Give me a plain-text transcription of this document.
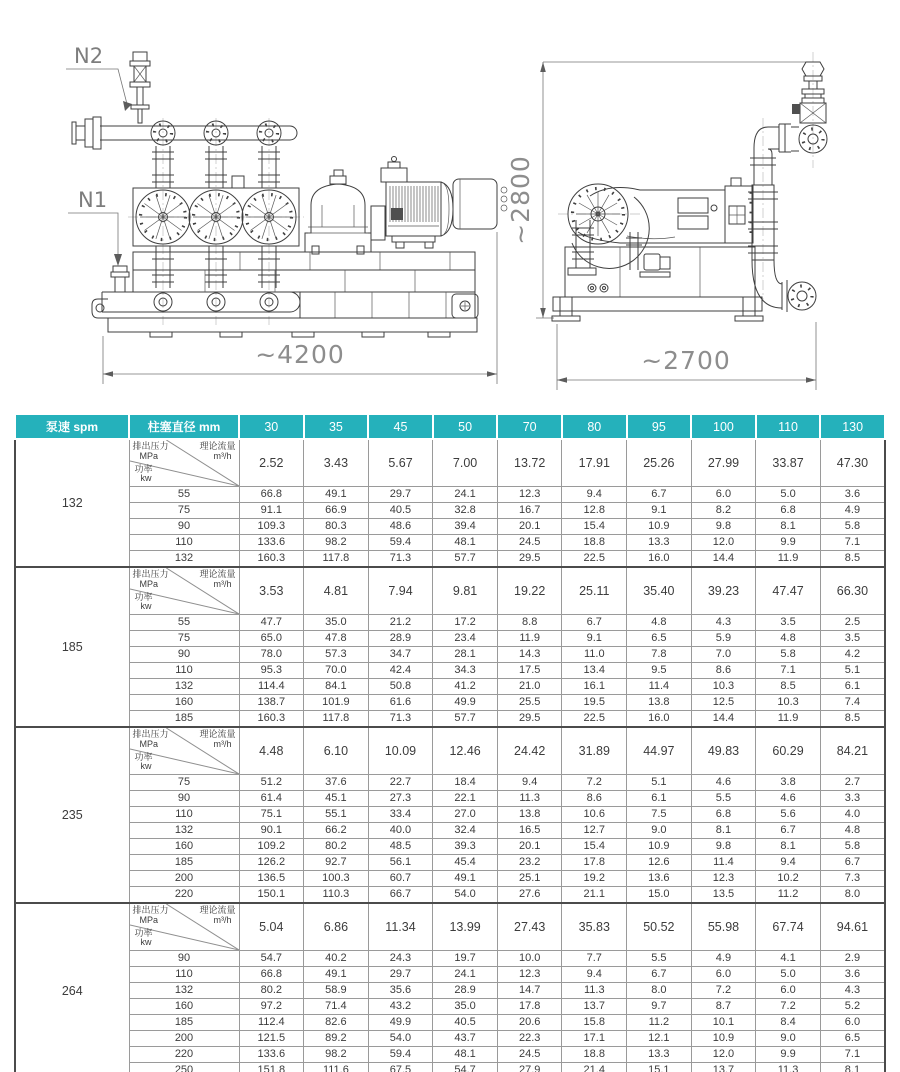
N2
N1
~4200
~2800
~2700
泵速 spm	柱塞直径 mm	30	35	45	50	70	80	95	100	110	130
132	
排出压力
MPa
理论流量
m³/h
功率
kw
	2.52	3.43	5.67	7.00	13.72	17.91	25.26	27.99	33.87	47.30
	55	66.8	49.1	29.7	24.1	12.3	9.4	6.7	6.0	5.0	3.6
	75	91.1	66.9	40.5	32.8	16.7	12.8	9.1	8.2	6.8	4.9
	90	109.3	80.3	48.6	39.4	20.1	15.4	10.9	9.8	8.1	5.8
	110	133.6	98.2	59.4	48.1	24.5	18.8	13.3	12.0	9.9	7.1
	132	160.3	117.8	71.3	57.7	29.5	22.5	16.0	14.4	11.9	8.5
185	
排出压力
MPa
理论流量
m³/h
功率
kw
	3.53	4.81	7.94	9.81	19.22	25.11	35.40	39.23	47.47	66.30
	55	47.7	35.0	21.2	17.2	8.8	6.7	4.8	4.3	3.5	2.5
	75	65.0	47.8	28.9	23.4	11.9	9.1	6.5	5.9	4.8	3.5
	90	78.0	57.3	34.7	28.1	14.3	11.0	7.8	7.0	5.8	4.2
	110	95.3	70.0	42.4	34.3	17.5	13.4	9.5	8.6	7.1	5.1
	132	114.4	84.1	50.8	41.2	21.0	16.1	11.4	10.3	8.5	6.1
	160	138.7	101.9	61.6	49.9	25.5	19.5	13.8	12.5	10.3	7.4
	185	160.3	117.8	71.3	57.7	29.5	22.5	16.0	14.4	11.9	8.5
235	
排出压力
MPa
理论流量
m³/h
功率
kw
	4.48	6.10	10.09	12.46	24.42	31.89	44.97	49.83	60.29	84.21
	75	51.2	37.6	22.7	18.4	9.4	7.2	5.1	4.6	3.8	2.7
	90	61.4	45.1	27.3	22.1	11.3	8.6	6.1	5.5	4.6	3.3
	110	75.1	55.1	33.4	27.0	13.8	10.6	7.5	6.8	5.6	4.0
	132	90.1	66.2	40.0	32.4	16.5	12.7	9.0	8.1	6.7	4.8
	160	109.2	80.2	48.5	39.3	20.1	15.4	10.9	9.8	8.1	5.8
	185	126.2	92.7	56.1	45.4	23.2	17.8	12.6	11.4	9.4	6.7
	200	136.5	100.3	60.7	49.1	25.1	19.2	13.6	12.3	10.2	7.3
	220	150.1	110.3	66.7	54.0	27.6	21.1	15.0	13.5	11.2	8.0
264	
排出压力
MPa
理论流量
m³/h
功率
kw
	5.04	6.86	11.34	13.99	27.43	35.83	50.52	55.98	67.74	94.61
	90	54.7	40.2	24.3	19.7	10.0	7.7	5.5	4.9	4.1	2.9
	110	66.8	49.1	29.7	24.1	12.3	9.4	6.7	6.0	5.0	3.6
	132	80.2	58.9	35.6	28.9	14.7	11.3	8.0	7.2	6.0	4.3
	160	97.2	71.4	43.2	35.0	17.8	13.7	9.7	8.7	7.2	5.2
	185	112.4	82.6	49.9	40.5	20.6	15.8	11.2	10.1	8.4	6.0
	200	121.5	89.2	54.0	43.7	22.3	17.1	12.1	10.9	9.0	6.5
	220	133.6	98.2	59.4	48.1	24.5	18.8	13.3	12.0	9.9	7.1
	250	151.8	111.6	67.5	54.7	27.9	21.4	15.1	13.7	11.3	8.1
